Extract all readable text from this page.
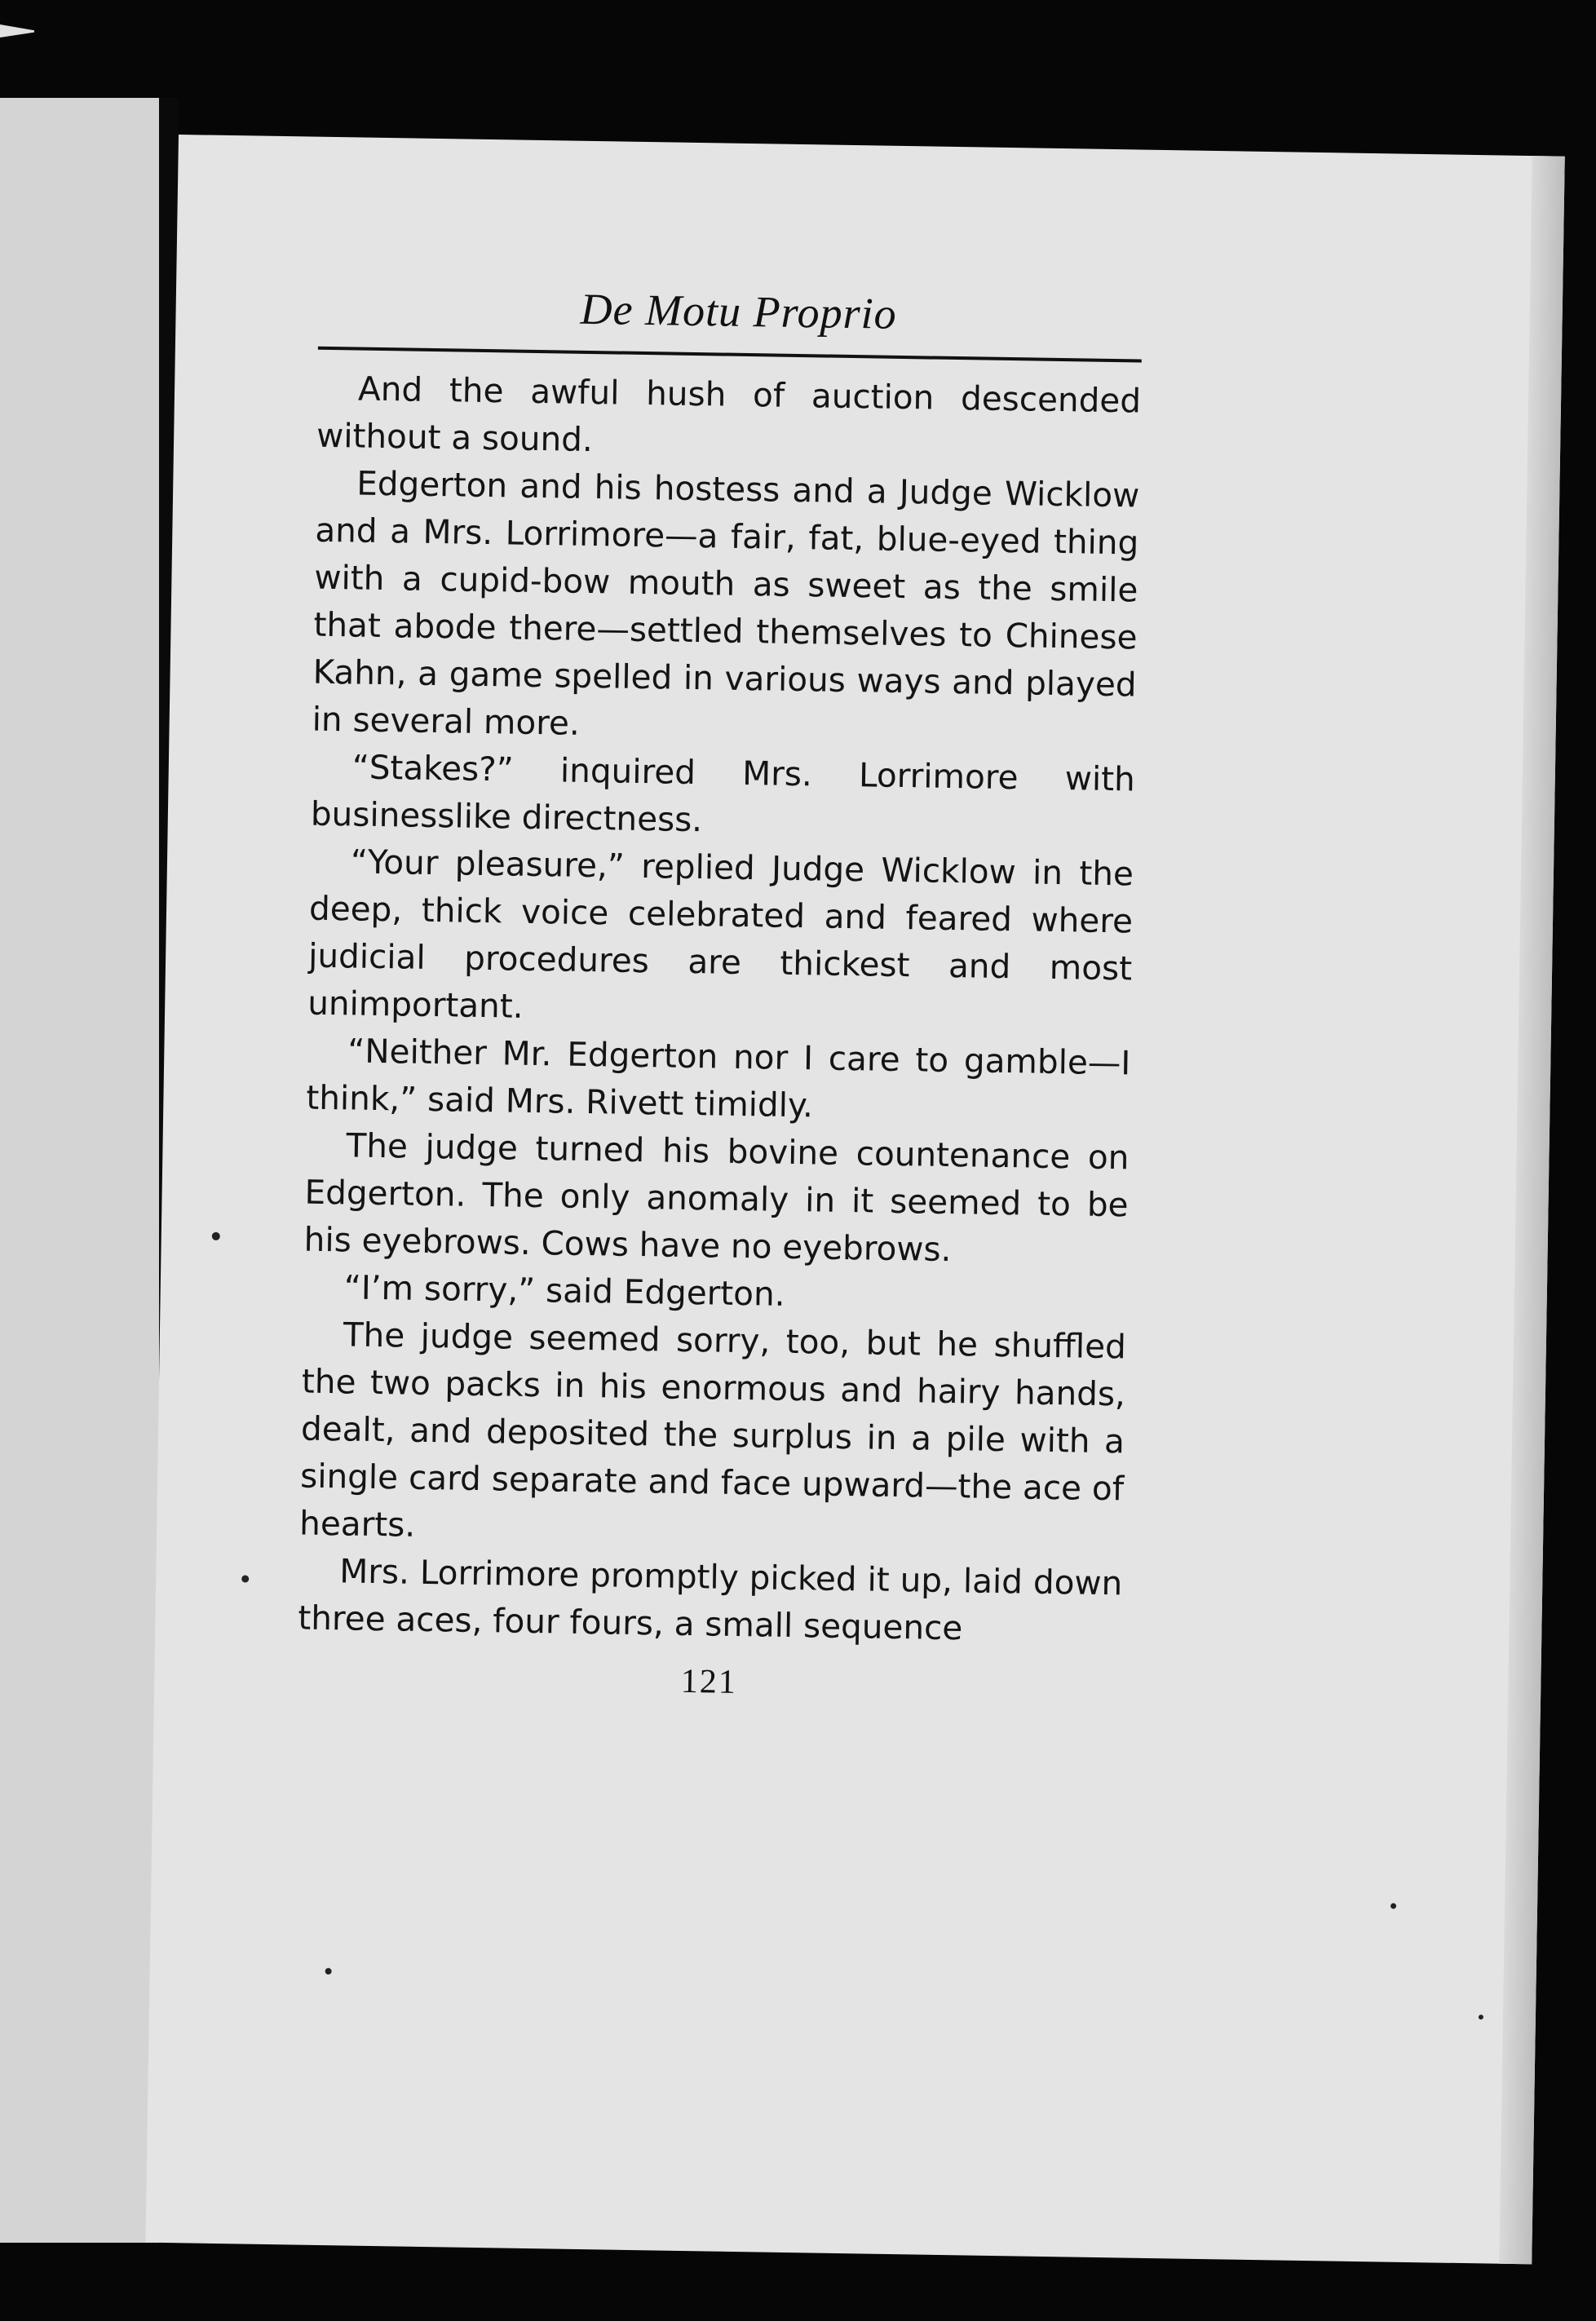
De Motu Proprio

And the awful hush of auction descended without a sound.

Edgerton and his hostess and a Judge Wicklow and a Mrs. Lorrimore—a fair, fat, blue-eyed thing with a cupid-bow mouth as sweet as the smile that abode there—settled themselves to Chinese Kahn, a game spelled in various ways and played in several more.

“Stakes?” inquired Mrs. Lorrimore with businesslike directness.

“Your pleasure,” replied Judge Wicklow in the deep, thick voice celebrated and feared where judicial procedures are thickest and most unimportant.

“Neither Mr. Edgerton nor I care to gamble—I think,” said Mrs. Rivett timidly.

The judge turned his bovine countenance on Edgerton. The only anomaly in it seemed to be his eyebrows. Cows have no eyebrows.

“I’m sorry,” said Edgerton.

The judge seemed sorry, too, but he shuffled the two packs in his enormous and hairy hands, dealt, and deposited the surplus in a pile with a single card separate and face upward—the ace of hearts.

Mrs. Lorrimore promptly picked it up, laid down three aces, four fours, a small sequence

121
